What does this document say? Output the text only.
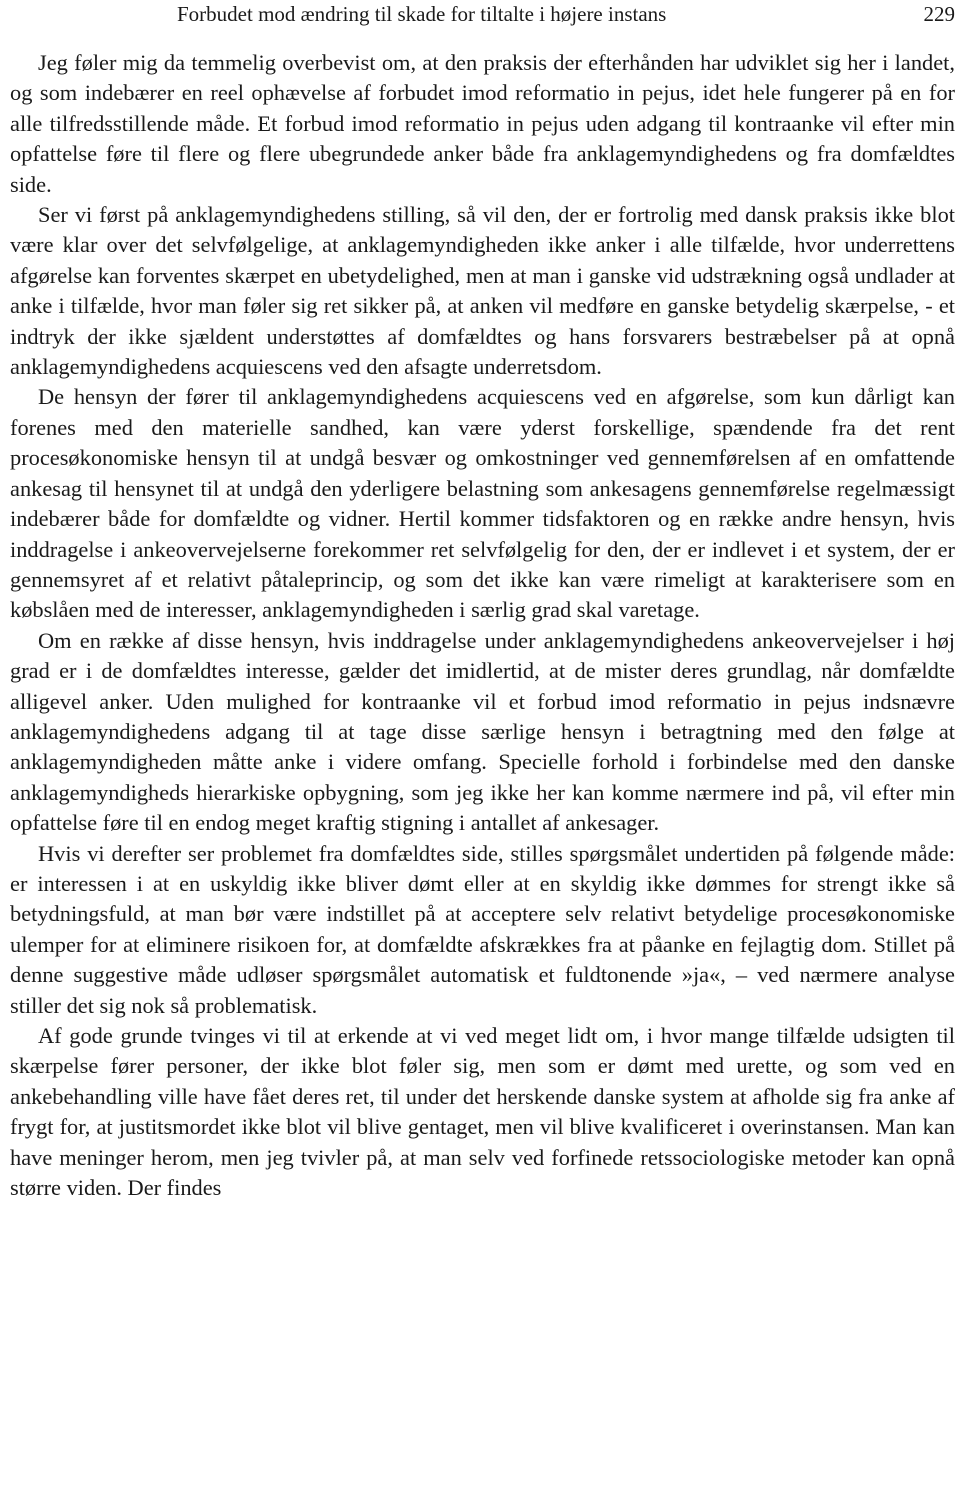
Forbudet mod ændring til skade for tiltalte i højere instans	229

Jeg føler mig da temmelig overbevist om, at den praksis der efterhånden har udviklet sig her i landet, og som indebærer en reel ophævelse af forbudet imod reformatio in pejus, idet hele fungerer på en for alle tilfredsstillende måde. Et forbud imod reformatio in pejus uden adgang til kontraanke vil efter min opfattelse føre til flere og flere ubegrundede anker både fra anklagemyndighedens og fra domfældtes side.

Ser vi først på anklagemyndighedens stilling, så vil den, der er fortrolig med dansk praksis ikke blot være klar over det selvfølgelige, at anklagemyndigheden ikke anker i alle tilfælde, hvor underrettens afgørelse kan forventes skærpet en ubetydelighed, men at man i ganske vid udstrækning også undlader at anke i tilfælde, hvor man føler sig ret sikker på, at anken vil medføre en ganske betydelig skærpelse, - et indtryk der ikke sjældent understøttes af domfældtes og hans forsvarers bestræbelser på at opnå anklagemyndighedens acquiescens ved den afsagte underretsdom.

De hensyn der fører til anklagemyndighedens acquiescens ved en afgørelse, som kun dårligt kan forenes med den materielle sandhed, kan være yderst forskellige, spændende fra det rent procesøkonomiske hensyn til at undgå besvær og omkostninger ved gennemførelsen af en omfattende ankesag til hensynet til at undgå den yderligere belastning som ankesagens gennemførelse regelmæssigt indebærer både for domfældte og vidner. Hertil kommer tidsfaktoren og en række andre hensyn, hvis inddragelse i ankeovervejelserne forekommer ret selvfølgelig for den, der er indlevet i et system, der er gennemsyret af et relativt påtaleprincip, og som det ikke kan være rimeligt at karakterisere som en købslåen med de interesser, anklagemyndigheden i særlig grad skal varetage.

Om en række af disse hensyn, hvis inddragelse under anklagemyndighedens ankeovervejelser i høj grad er i de domfældtes interesse, gælder det imidlertid, at de mister deres grundlag, når domfældte alligevel anker. Uden mulighed for kontraanke vil et forbud imod reformatio in pejus indsnævre anklagemyndighedens adgang til at tage disse særlige hensyn i betragtning med den følge at anklagemyndigheden måtte anke i videre omfang. Specielle forhold i forbindelse med den danske anklagemyndigheds hierarkiske opbygning, som jeg ikke her kan komme nærmere ind på, vil efter min opfattelse føre til en endog meget kraftig stigning i antallet af ankesager.

Hvis vi derefter ser problemet fra domfældtes side, stilles spørgsmålet undertiden på følgende måde: er interessen i at en uskyldig ikke bliver dømt eller at en skyldig ikke dømmes for strengt ikke så betydningsfuld, at man bør være indstillet på at acceptere selv relativt betydelige procesøkonomiske ulemper for at eliminere risikoen for, at domfældte afskrækkes fra at påanke en fejlagtig dom. Stillet på denne suggestive måde udløser spørgsmålet automatisk et fuldtonende »ja«, – ved nærmere analyse stiller det sig nok så problematisk.

Af gode grunde tvinges vi til at erkende at vi ved meget lidt om, i hvor mange tilfælde udsigten til skærpelse fører personer, der ikke blot føler sig, men som er dømt med urette, og som ved en ankebehandling ville have fået deres ret, til under det herskende danske system at afholde sig fra anke af frygt for, at justitsmordet ikke blot vil blive gentaget, men vil blive kvalificeret i overinstansen. Man kan have meninger herom, men jeg tvivler på, at man selv ved forfinede retssociologiske metoder kan opnå større viden. Der findes
